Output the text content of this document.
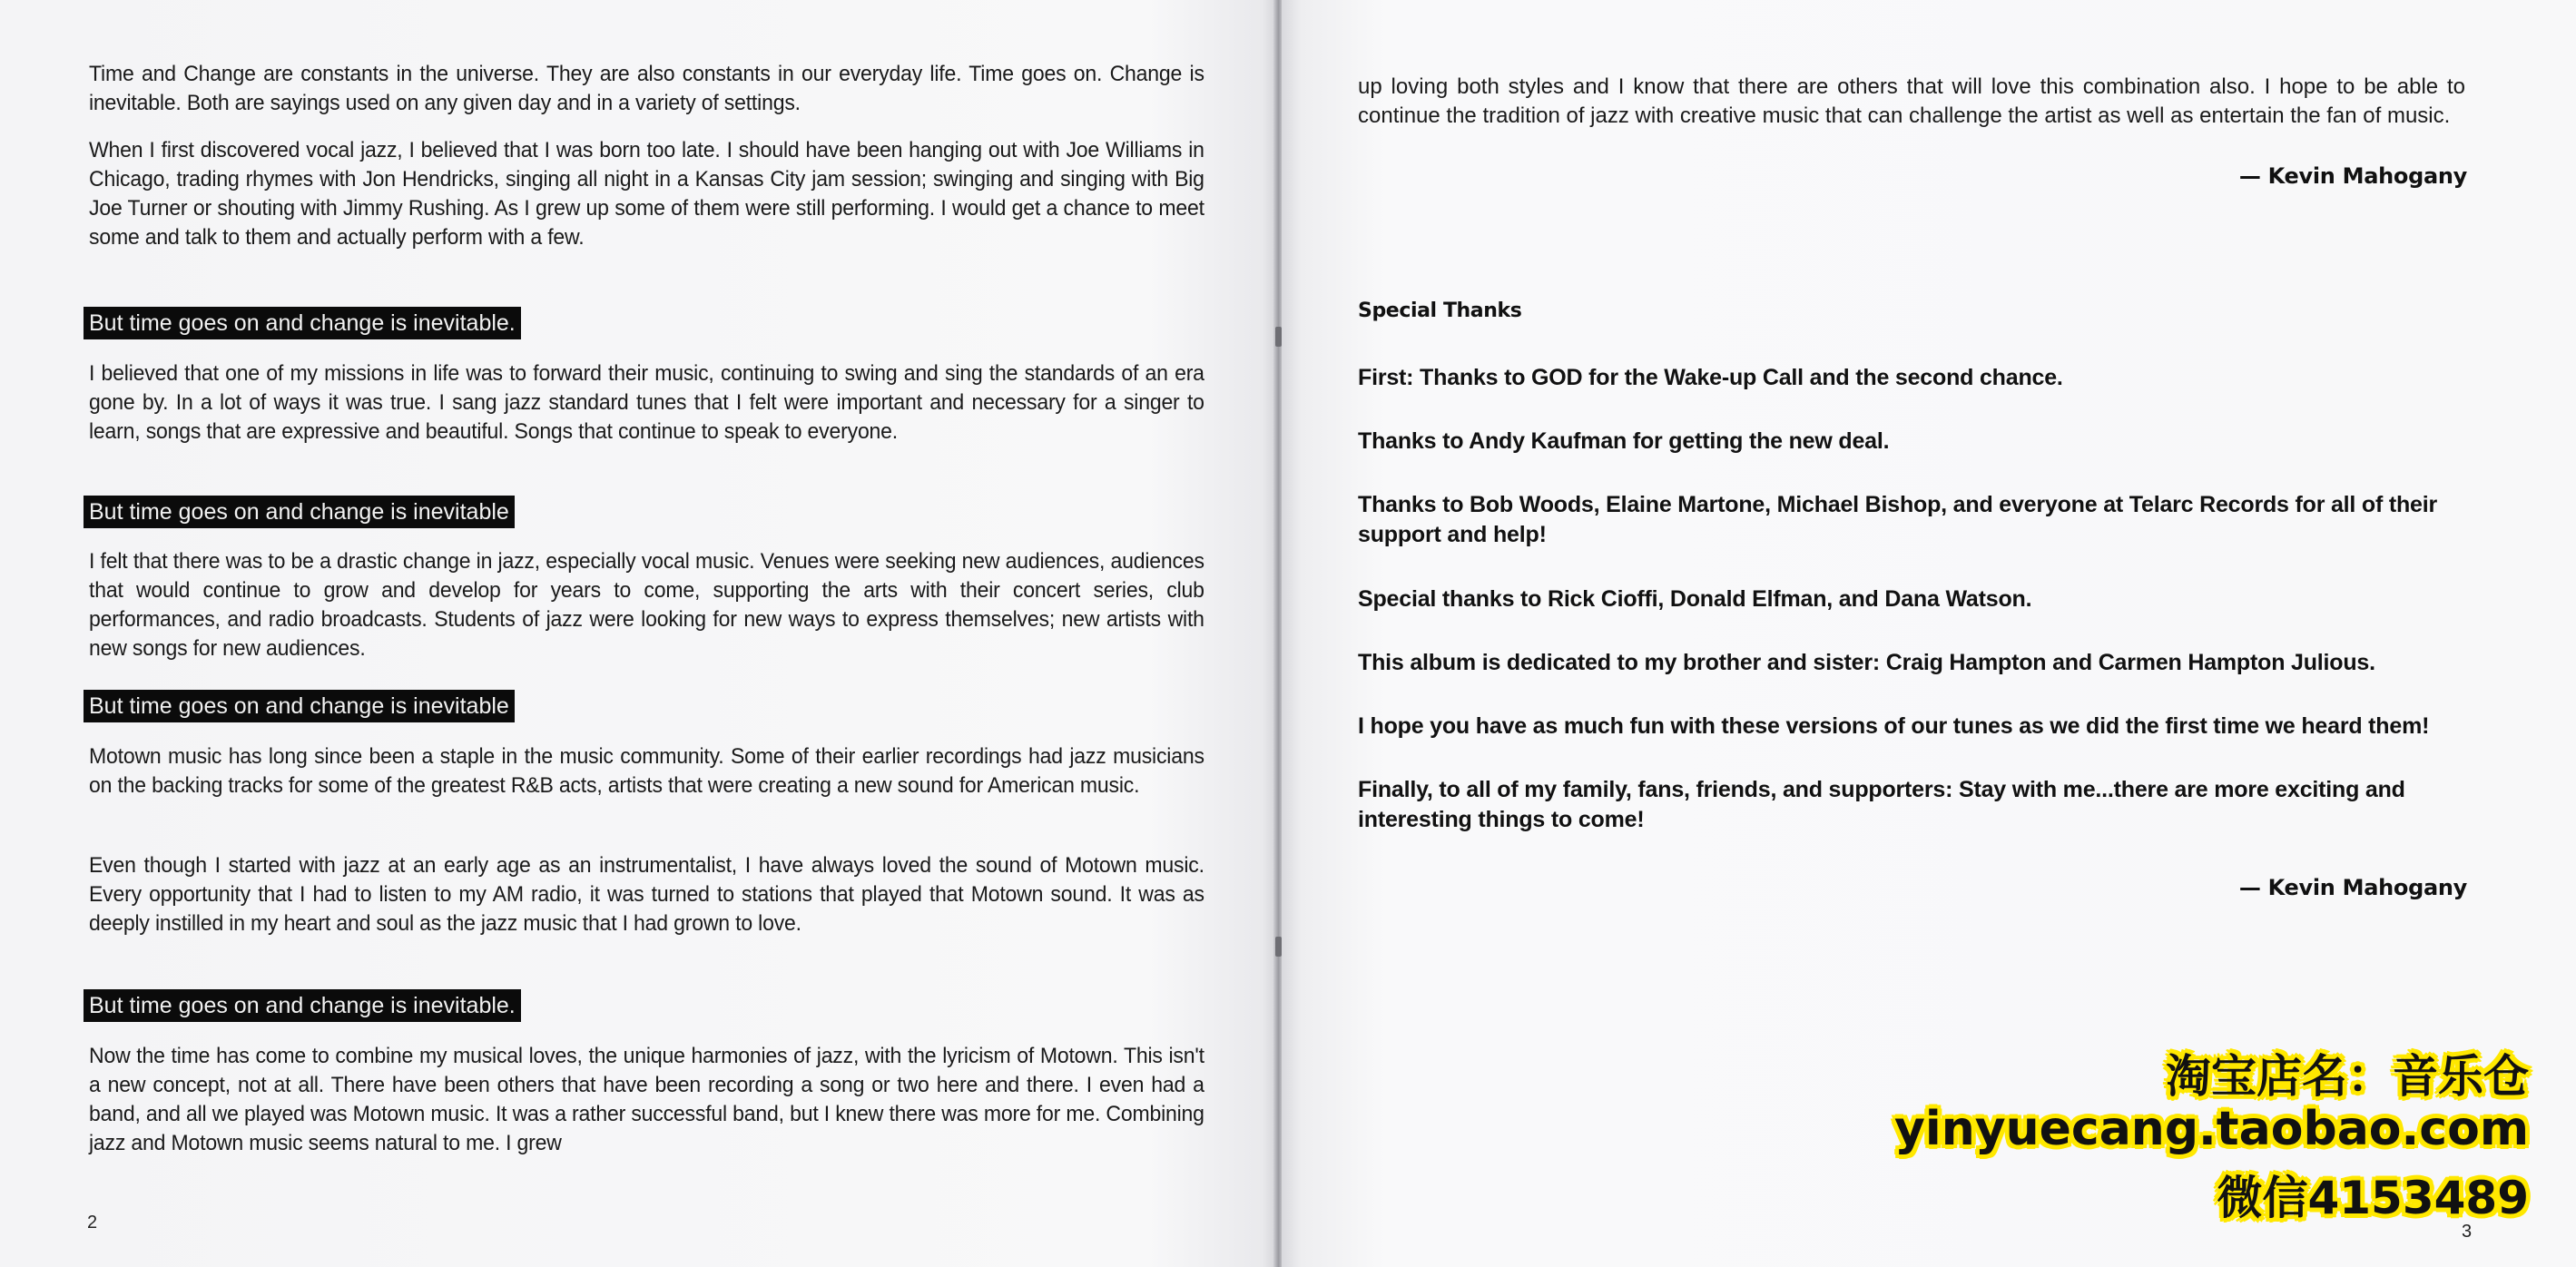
Time and Change are constants in the universe. They are also constants in our everyday life. Time goes on. Change is inevitable. Both are sayings used on any given day and in a variety of settings.
When I first discovered vocal jazz, I believed that I was born too late. I should have been hanging out with Joe Williams in Chicago, trading rhymes with Jon Hendricks, singing all night in a Kansas City jam session; swinging and singing with Big Joe Turner or shouting with Jimmy Rushing. As I grew up some of them were still performing. I would get a chance to meet some and talk to them and actually perform with a few.
But time goes on and change is inevitable.
I believed that one of my missions in life was to forward their music, continuing to swing and sing the standards of an era gone by. In a lot of ways it was true. I sang jazz standard tunes that I felt were important and necessary for a singer to learn, songs that are expressive and beautiful. Songs that continue to speak to everyone.
But time goes on and change is inevitable
I felt that there was to be a drastic change in jazz, especially vocal music. Venues were seeking new audiences, audiences that would continue to grow and develop for years to come, supporting the arts with their concert series, club performances, and radio broadcasts. Students of jazz were looking for new ways to express themselves; new artists with new songs for new audiences.
But time goes on and change is inevitable
Motown music has long since been a staple in the music community. Some of their earlier recordings had jazz musicians on the backing tracks for some of the greatest R&B acts, artists that were creating a new sound for American music.
Even though I started with jazz at an early age as an instrumentalist, I have always loved the sound of Motown music. Every opportunity that I had to listen to my AM radio, it was turned to stations that played that Motown sound. It was as deeply instilled in my heart and soul as the jazz music that I had grown to love.
But time goes on and change is inevitable.
Now the time has come to combine my musical loves, the unique harmonies of jazz, with the lyricism of Motown. This isn't a new concept, not at all. There have been others that have been recording a song or two here and there. I even had a band, and all we played was Motown music. It was a rather successful band, but I knew there was more for me. Combining jazz and Motown music seems natural to me. I grew
2
up loving both styles and I know that there are others that will love this combination also. I hope to be able to continue the tradition of jazz with creative music that can challenge the artist as well as entertain the fan of music.
— Kevin Mahogany
Special Thanks
First: Thanks to GOD for the Wake-up Call and the second chance.
Thanks to Andy Kaufman for getting the new deal.
Thanks to Bob Woods, Elaine Martone, Michael Bishop, and everyone at Telarc Records for all of their support and help!
Special thanks to Rick Cioffi, Donald Elfman, and Dana Watson.
This album is dedicated to my brother and sister: Craig Hampton and Carmen Hampton Julious.
I hope you have as much fun with these versions of our tunes as we did the first time we heard them!
Finally, to all of my family, fans, friends, and supporters: Stay with me...there are more exciting and interesting things to come!
— Kevin Mahogany
3
淘宝店名：音乐仓
yinyuecang.taobao.com
微信4153489
